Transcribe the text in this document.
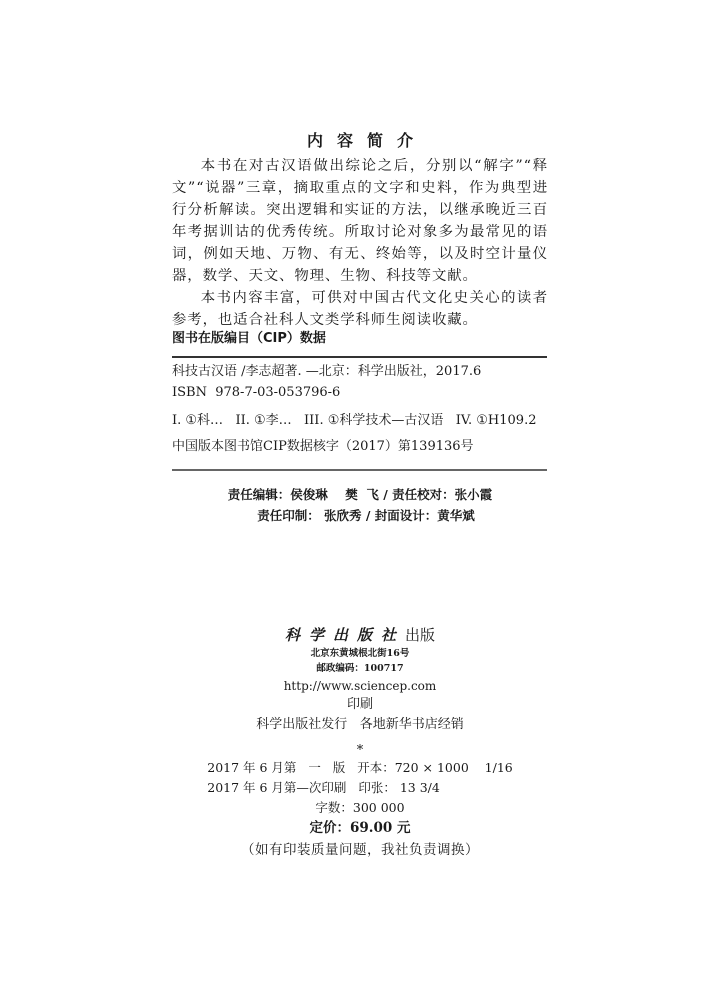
内容简介

本书在对古汉语做出综论之后，分别以“解字”“释文”“说器”三章，摘取重点的文字和史料，作为典型进行分析解读。突出逻辑和实证的方法，以继承晚近三百年考据训诂的优秀传统。所取讨论对象多为最常见的语词，例如天地、万物、有无、终始等，以及时空计量仪器，数学、天文、物理、生物、科技等文献。

本书内容丰富，可供对中国古代文化史关心的读者参考，也适合社科人文类学科师生阅读收藏。

图书在版编目（CIP）数据
科技古汉语 /李志超著. —北京：科学出版社，2017.6
ISBN  978-7-03-053796-6
I. ①科…   II. ①李…   III. ①科学技术—古汉语   IV. ①H109.2
中国版本图书馆CIP数据核字（2017）第139136号
责任编辑：侯俊琳    樊  飞 / 责任校对：张小霞
责任印制： 张欣秀 / 封面设计：黄华斌
科学出版社出版
北京东黄城根北街16号
邮政编码：100717
http://www.sciencep.com
印刷
科学出版社发行   各地新华书店经销
*
2017 年 6 月第   一   版   开本：720 × 1000    1/16
2017 年 6 月第—次印刷   印张： 13 3/4
字数：300 000
定价：69.00 元
（如有印装质量问题，我社负责调换）
